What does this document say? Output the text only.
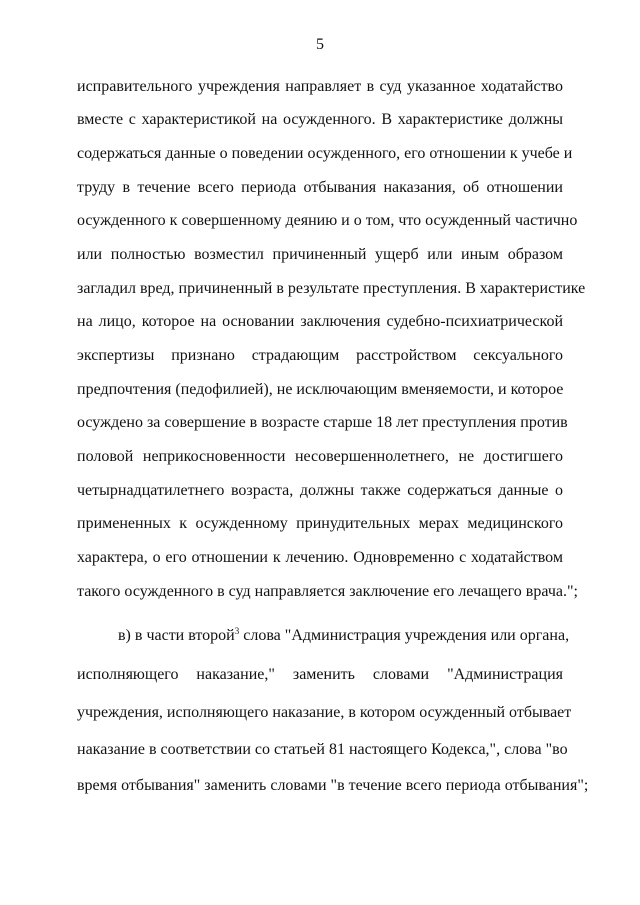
5
исправительного учреждения направляет в суд указанное ходатайство
вместе с характеристикой на осужденного. В характеристике должны
содержаться данные о поведении осужденного, его отношении к учебе и
труду в течение всего периода отбывания наказания, об отношении
осужденного к совершенному деянию и о том, что осужденный частично
или полностью возместил причиненный ущерб или иным образом
загладил вред, причиненный в результате преступления. В характеристике
на лицо, которое на основании заключения судебно-психиатрической
экспертизы признано страдающим расстройством сексуального
предпочтения (педофилией), не исключающим вменяемости, и которое
осуждено за совершение в возрасте старше 18 лет преступления против
половой неприкосновенности несовершеннолетнего, не достигшего
четырнадцатилетнего возраста, должны также содержаться данные о
примененных к осужденному принудительных мерах медицинского
характера, о его отношении к лечению. Одновременно с ходатайством
такого осужденного в суд направляется заключение его лечащего врача.";
в) в части второй$^3$ слова "Администрация учреждения или органа,
исполняющего наказание," заменить словами "Администрация
учреждения, исполняющего наказание, в котором осужденный отбывает
наказание в соответствии со статьей 81 настоящего Кодекса,", слова "во
время отбывания" заменить словами "в течение всего периода отбывания";
